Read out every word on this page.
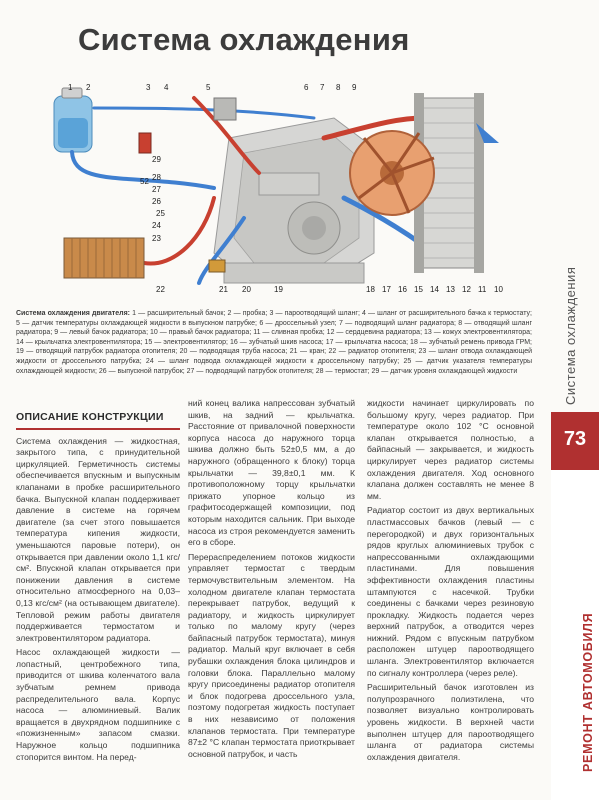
Система охлаждения
1 2	3 4	5	6 7 8 9
29
28
27
26
25
24
23
52
22	21 20	19	18 17 16 15 14 13 12 11 10
Система охлаждения двигателя: 1 — расширительный бачок; 2 — пробка; 3 — пароотводящий шланг; 4 — шланг от расширительного бачка к термостату; 5 — датчик температуры охлаждающей жидкости в выпускном патрубке; 6 — дроссельный узел; 7 — подводящий шланг радиатора; 8 — отводящий шланг радиатора; 9 — левый бачок радиатора; 10 — правый бачок радиатора; 11 — сливная пробка; 12 — сердцевина радиатора; 13 — кожух электровентилятора; 14 — крыльчатка электровентилятора; 15 — электровентилятор; 16 — зубчатый шкив насоса; 17 — крыльчатка насоса; 18 — зубчатый ремень привода ГРМ; 19 — отводящий патрубок радиатора отопителя; 20 — подводящая труба насоса; 21 — кран; 22 — радиатор отопителя; 23 — шланг отвода охлаждающей жидкости от дроссельного патрубка; 24 — шланг подвода охлаждающей жидкости к дроссельному патрубку; 25 — датчик указателя температуры охлаждающей жидкости; 26 — выпускной патрубок; 27 — подводящий патрубок отопителя; 28 — термостат; 29 — датчик уровня охлаждающей жидкости	Система охлаждения
73
РЕМОНТ АВТОМОБИЛЯ
ОПИСАНИЕ КОНСТРУКЦИИ

Система охлаждения — жидкостная, закрытого типа, с принудительной циркуляцией. Герметичность системы обеспечивается впускным и выпускным клапанами в пробке расширительного бачка. Выпускной клапан поддерживает давление в системе на горячем двигателе (за счет этого повышается температура кипения жидкости, уменьшаются паровые потери), он открывается при давлении около 1,1 кгс/см². Впускной клапан открывается при понижении давления в системе относительно атмосферного на 0,03–0,13 кгс/см² (на остывающем двигателе). Тепловой режим работы двигателя поддерживается термостатом и электровентилятором радиатора.

Насос охлаждающей жидкости — лопастный, центробежного типа, приводится от шкива коленчатого вала зубчатым ремнем привода распределительного вала. Корпус насоса — алюминиевый. Валик вращается в двухрядном подшипнике с «пожизненным» запасом смазки. Наружное кольцо подшипника стопорится винтом. На перед-

ний конец валика напрессован зубчатый шкив, на задний — крыльчатка. Расстояние от привалочной поверхности корпуса насоса до наружного торца шкива должно быть 52±0,5 мм, а до наружного (обращенного к блоку) торца крыльчатки — 39,8±0,1 мм. К противоположному торцу крыльчатки прижато упорное кольцо из графитосодержащей композиции, под которым находится сальник. При выходе насоса из строя рекомендуется заменить его в сборе.

Перераспределением потоков жидкости управляет термостат с твердым термочувствительным элементом. На холодном двигателе клапан термостата перекрывает патрубок, ведущий к радиатору, и жидкость циркулирует только по малому кругу (через байпасный патрубок термостата), минуя радиатор. Малый круг включает в себя рубашки охлаждения блока цилиндров и головки блока. Параллельно малому кругу присоединены радиатор отопителя и блок подогрева дроссельного узла, поэтому подогретая жидкость поступает в них независимо от положения клапанов термостата. При температуре 87±2 °С клапан термостата приоткрывает основной патрубок, и часть

жидкости начинает циркулировать по большому кругу, через радиатор. При температуре около 102 °С основной клапан открывается полностью, а байпасный — закрывается, и жидкость циркулирует через радиатор системы охлаждения двигателя. Ход основного клапана должен составлять не менее 8 мм.

Радиатор состоит из двух вертикальных пластмассовых бачков (левый — с перегородкой) и двух горизонтальных рядов круглых алюминиевых трубок с напрессованными охлаждающими пластинами. Для повышения эффективности охлаждения пластины штампуются с насечкой. Трубки соединены с бачками через резиновую прокладку. Жидкость подается через верхний патрубок, а отводится через нижний. Рядом с впускным патрубком расположен штуцер пароотводящего шланга. Электровентилятор включается по сигналу контроллера (через реле).

Расширительный бачок изготовлен из полупрозрачного полиэтилена, что позволяет визуально контролировать уровень жидкости. В верхней части выполнен штуцер для пароотводящего шланга от радиатора системы охлаждения двигателя.
